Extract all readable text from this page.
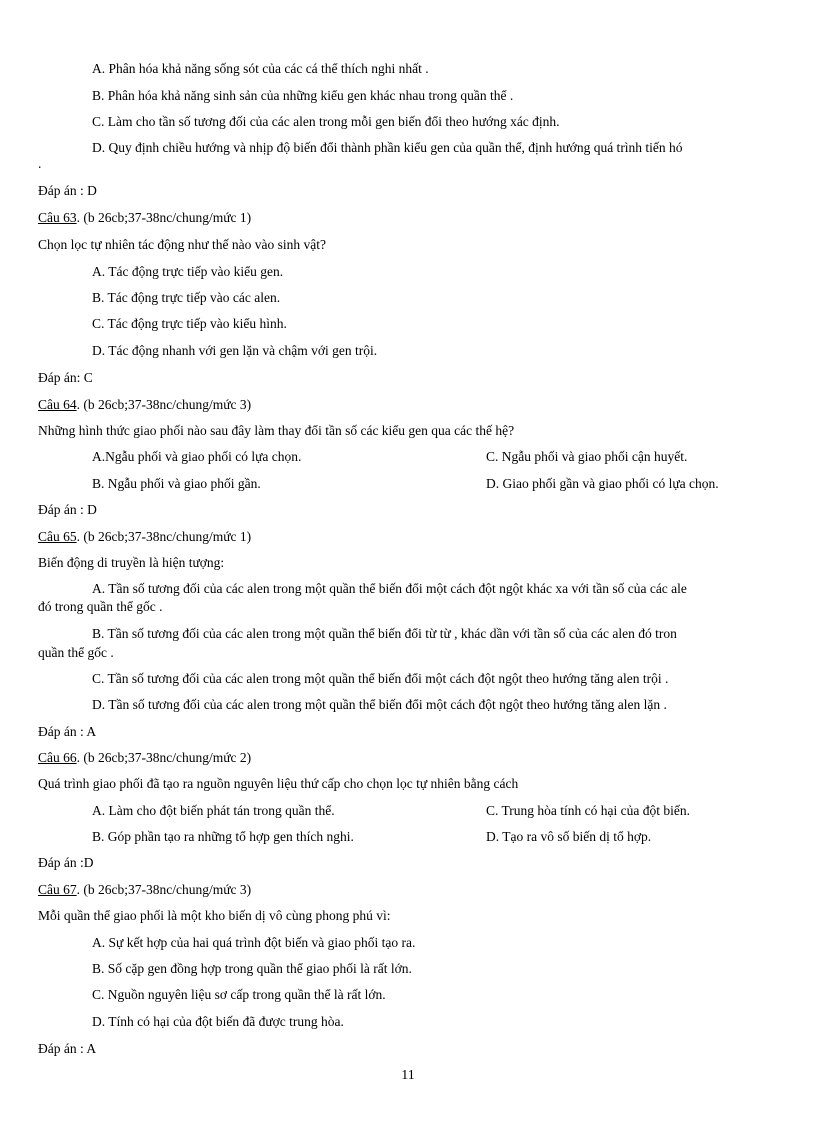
A. Phân hóa khả năng sống sót của các cá thể thích nghi nhất .
B. Phân hóa khả năng sinh sản của những kiểu gen khác nhau trong quần thể .
C. Làm cho tần số tương đối của các alen trong mỗi gen biến đổi theo hướng xác định.
D. Quy định chiều hướng và nhịp độ biến đổi thành phần kiểu gen của quần thể, định hướng quá trình tiến hó
.
Đáp án : D
Câu 63. (b 26cb;37-38nc/chung/mức 1)
Chọn lọc tự nhiên tác động như thế nào vào sinh vật?
A. Tác động trực tiếp vào kiểu gen.
B. Tác động trực tiếp vào các alen.
C. Tác động trực tiếp vào kiểu hình.
D. Tác động nhanh với gen lặn và chậm với gen trội.
Đáp án: C
Câu 64. (b 26cb;37-38nc/chung/mức 3)
Những hình thức giao phối nào sau đây làm thay đổi tần số các kiểu gen qua các thế hệ?
A.Ngẫu phối và giao phối có lựa chọn.	C. Ngẫu phối và giao phối cận huyết.
B. Ngẫu phối và giao phối gần.	D. Giao phối gần và giao phối có lựa chọn.
Đáp án : D
Câu 65. (b 26cb;37-38nc/chung/mức 1)
Biến động di truyền là hiện tượng:
A. Tần số tương đối của các alen trong một quần thể biến đổi một cách đột ngột khác xa với tần số của các ale
đó trong quần thể gốc .
B. Tần số tương đối của các alen trong một quần thể biến đổi từ từ , khác dần với tần số của các alen đó tron
quần thể gốc .
C. Tần số tương đối của các alen trong một quần thể biến đổi một cách đột ngột theo hướng tăng alen trội .
D. Tần số tương đối của các alen trong một quần thể biến đổi một cách đột ngột theo hướng tăng alen lặn .
Đáp án : A
Câu 66. (b 26cb;37-38nc/chung/mức 2)
Quá trình giao phối đã tạo ra nguồn nguyên liệu thứ cấp cho chọn lọc tự nhiên bằng cách
A. Làm cho đột biến phát tán trong quần thể.	C. Trung hòa tính có hại của đột biến.
B. Góp phần tạo ra những tổ hợp gen thích nghi.	D. Tạo ra vô số biến dị tổ hợp.
Đáp án :D
Câu 67. (b 26cb;37-38nc/chung/mức 3)
Mỗi quần thể giao phối là một kho biến dị vô cùng phong phú vì:
A. Sự kết hợp của hai quá trình đột biến và giao phối tạo ra.
B. Số cặp gen đồng hợp trong quần thể giao phối là rất lớn.
C. Nguồn nguyên liệu sơ cấp trong quần thể là rất lớn.
D. Tính có hại của đột biến đã được trung hòa.
Đáp án : A
11
